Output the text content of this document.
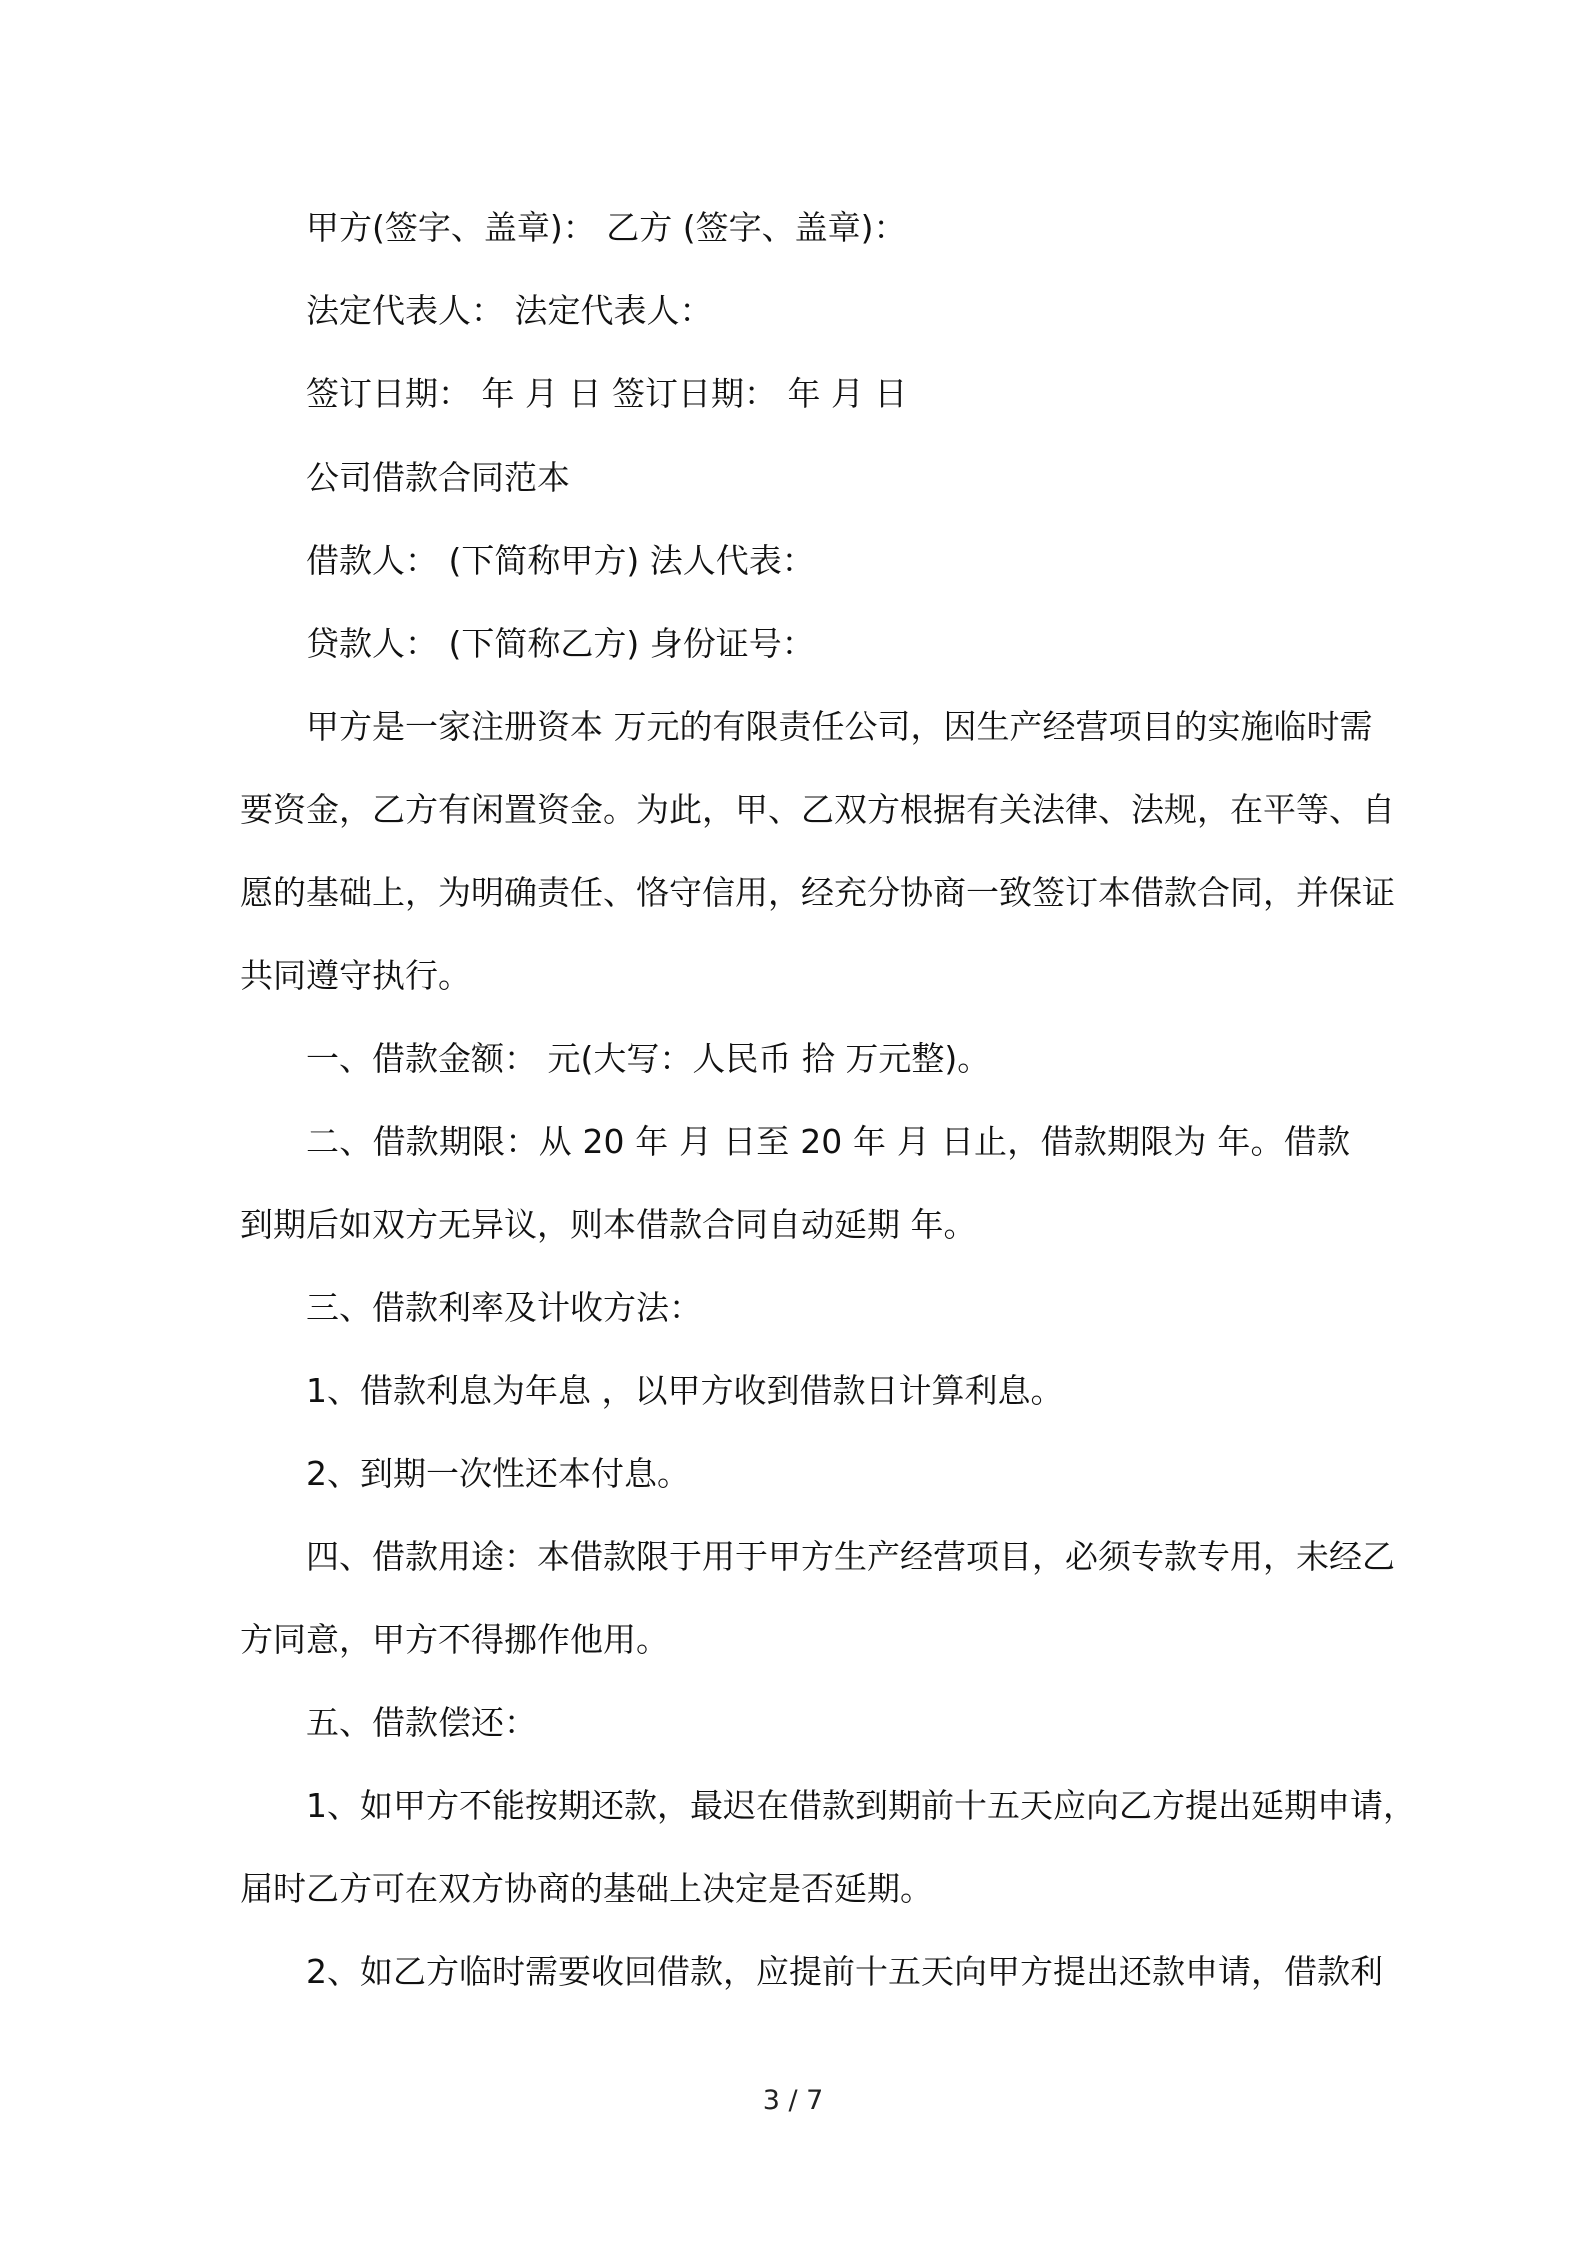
甲方(签字、盖章)： 乙方 (签字、盖章)：
法定代表人： 法定代表人：
签订日期： 年 月 日 签订日期： 年 月 日
公司借款合同范本
借款人： (下简称甲方) 法人代表：
贷款人： (下简称乙方) 身份证号：
甲方是一家注册资本 万元的有限责任公司，因生产经营项目的实施临时需
要资金，乙方有闲置资金。为此，甲、乙双方根据有关法律、法规，在平等、自
愿的基础上，为明确责任、恪守信用，经充分协商一致签订本借款合同，并保证
共同遵守执行。
一、借款金额： 元(大写：人民币 拾 万元整)。
二、借款期限：从 20 年 月 日至 20 年 月 日止，借款期限为 年。借款
到期后如双方无异议，则本借款合同自动延期 年。
三、借款利率及计收方法：
1、借款利息为年息 ，以甲方收到借款日计算利息。
2、到期一次性还本付息。
四、借款用途：本借款限于用于甲方生产经营项目，必须专款专用，未经乙
方同意，甲方不得挪作他用。
五、借款偿还：
1、如甲方不能按期还款，最迟在借款到期前十五天应向乙方提出延期申请，
届时乙方可在双方协商的基础上决定是否延期。
2、如乙方临时需要收回借款，应提前十五天向甲方提出还款申请，借款利
3 / 7
